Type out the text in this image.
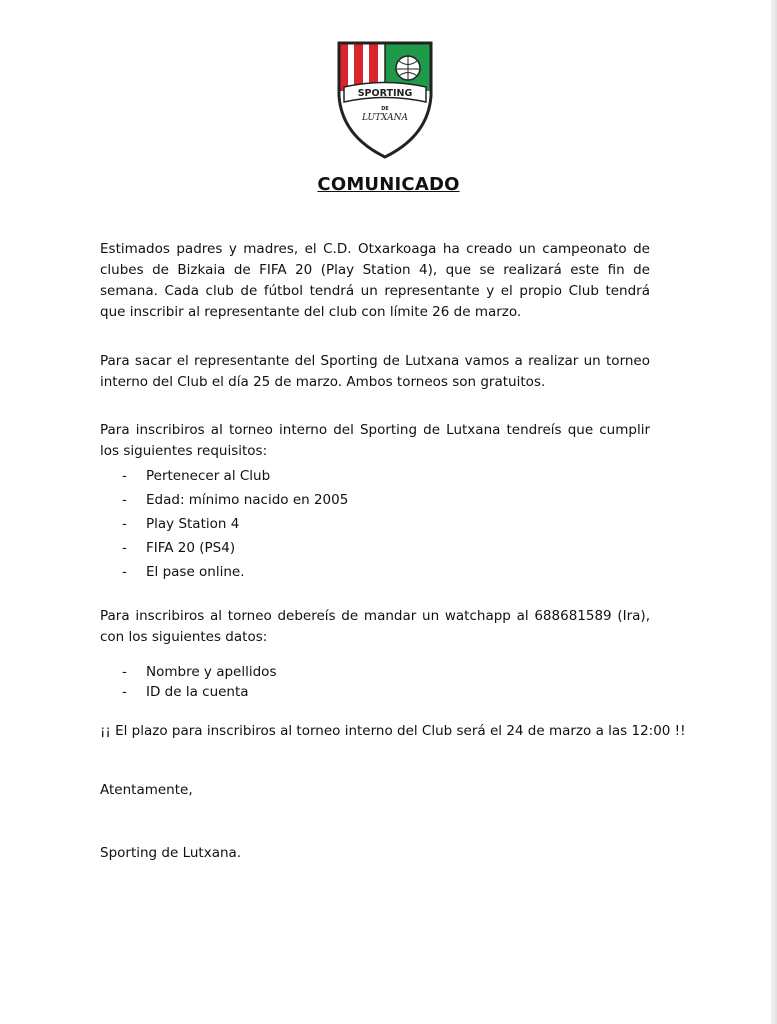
SPORTING
DE
LUTXANA
COMUNICADO
Estimados padres y madres, el C.D. Otxarkoaga ha creado un campeonato de clubes de Bizkaia de FIFA 20 (Play Station 4), que se realizará este fin de semana. Cada club de fútbol tendrá un representante y el propio Club tendrá que inscribir al representante del club con límite 26 de marzo.
Para sacar el representante del Sporting de Lutxana vamos a realizar un torneo interno del Club el día 25 de marzo. Ambos torneos son gratuitos.
Para inscribiros al torneo interno del Sporting de Lutxana tendreís que cumplir los siguientes requisitos:
- Pertenecer al Club
- Edad: mínimo nacido en 2005
- Play Station 4
- FIFA 20 (PS4)
- El pase online.
Para inscribiros al torneo debereís de mandar un watchapp al 688681589 (Ira), con los siguientes datos:
- Nombre y apellidos
- ID de la cuenta
¡¡ El plazo para inscribiros al torneo interno del Club será el 24 de marzo a las 12:00 !!
Atentamente,
Sporting de Lutxana.
